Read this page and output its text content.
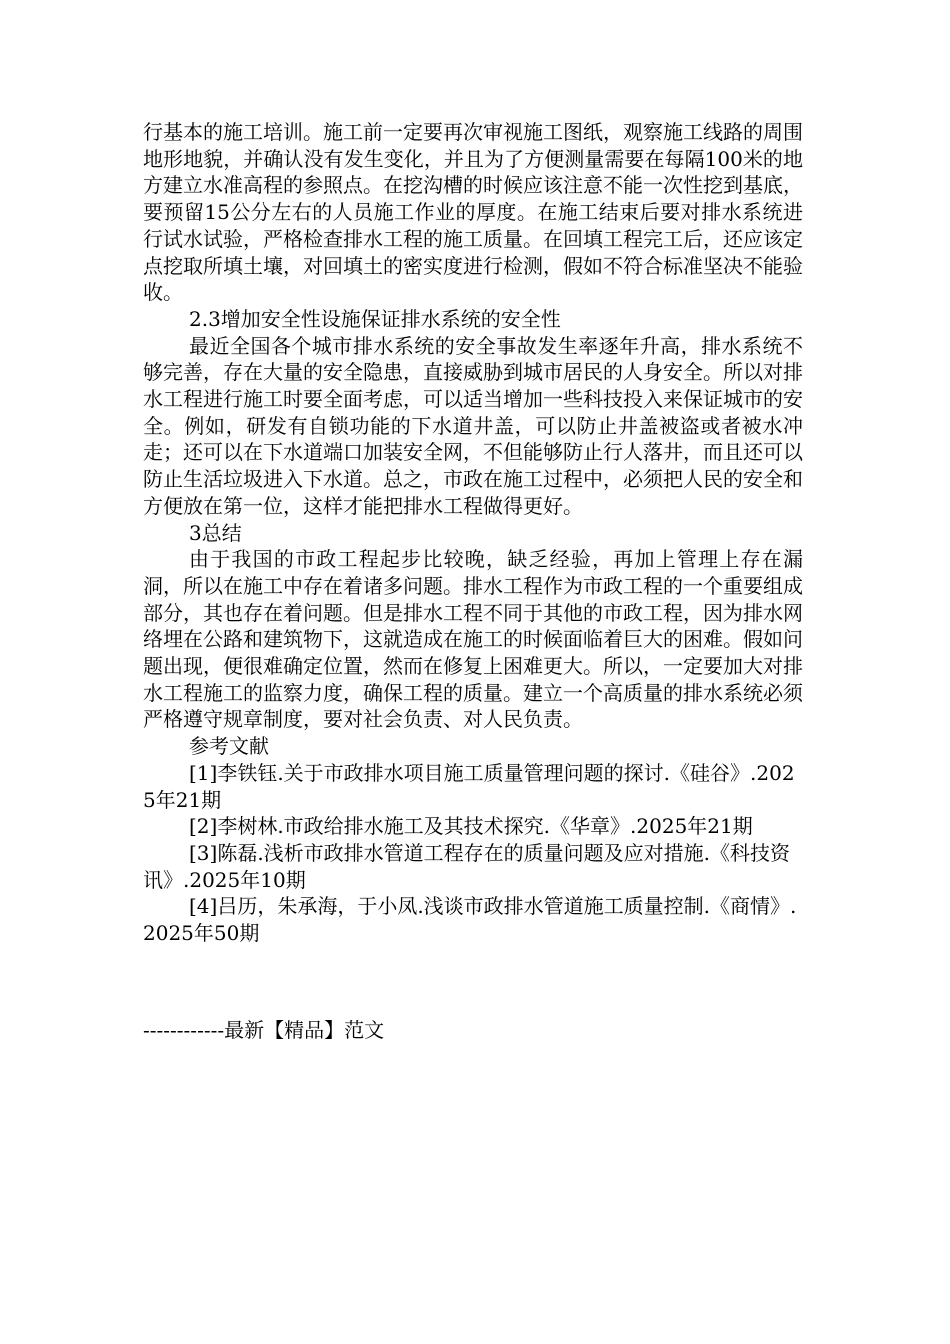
行基本的施工培训。施工前一定要再次审视施工图纸，观察施工线路的周围地形地貌，并确认没有发生变化，并且为了方便测量需要在每隔100米的地方建立水准高程的参照点。在挖沟槽的时候应该注意不能一次性挖到基底，要预留15公分左右的人员施工作业的厚度。在施工结束后要对排水系统进行试水试验，严格检查排水工程的施工质量。在回填工程完工后，还应该定点挖取所填土壤，对回填土的密实度进行检测，假如不符合标准坚决不能验收。

2.3增加安全性设施保证排水系统的安全性

最近全国各个城市排水系统的安全事故发生率逐年升高，排水系统不够完善，存在大量的安全隐患，直接威胁到城市居民的人身安全。所以对排水工程进行施工时要全面考虑，可以适当增加一些科技投入来保证城市的安全。例如，研发有自锁功能的下水道井盖，可以防止井盖被盗或者被水冲走；还可以在下水道端口加装安全网，不但能够防止行人落井，而且还可以防止生活垃圾进入下水道。总之，市政在施工过程中，必须把人民的安全和方便放在第一位，这样才能把排水工程做得更好。

3总结

由于我国的市政工程起步比较晚，缺乏经验，再加上管理上存在漏洞，所以在施工中存在着诸多问题。排水工程作为市政工程的一个重要组成部分，其也存在着问题。但是排水工程不同于其他的市政工程，因为排水网络埋在公路和建筑物下，这就造成在施工的时候面临着巨大的困难。假如问题出现，便很难确定位置，然而在修复上困难更大。所以，一定要加大对排水工程施工的监察力度，确保工程的质量。建立一个高质量的排水系统必须严格遵守规章制度，要对社会负责、对人民负责。

参考文献

[1]李铁钰.关于市政排水项目施工质量管理问题的探讨.《硅谷》.2025年21期

[2]李树林.市政给排水施工及其技术探究.《华章》.2025年21期

[3]陈磊.浅析市政排水管道工程存在的质量问题及应对措施.《科技资讯》.2025年10期

[4]吕历，朱承海，于小凤.浅谈市政排水管道施工质量控制.《商情》.2025年50期

------------最新【精品】范文
